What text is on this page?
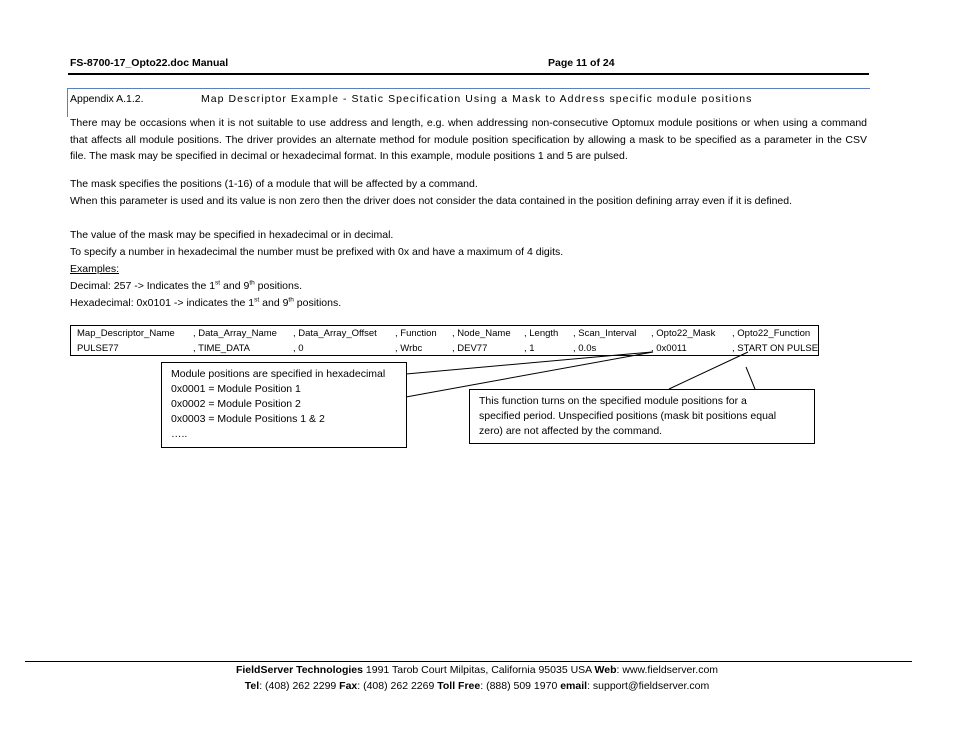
FS-8700-17_Opto22.doc Manual	Page 11 of 24
Appendix A.1.2.	Map Descriptor Example - Static Specification Using a Mask to Address specific module positions
There may be occasions when it is not suitable to use address and length, e.g. when addressing non-consecutive Optomux module positions or when using a command that affects all module positions. The driver provides an alternate method for module position specification by allowing a mask to be specified as a parameter in the CSV file. The mask may be specified in decimal or hexadecimal format. In this example, module positions 1 and 5 are pulsed.
The mask specifies the positions (1-16) of a module that will be affected by a command.
When this parameter is used and its value is non zero then the driver does not consider the data contained in the position defining array even if it is defined.
The value of the mask may be specified in hexadecimal or in decimal.
To specify a number in hexadecimal the number must be prefixed with 0x and have a maximum of 4 digits.
Examples:
Decimal: 257 -> Indicates the 1st and 9th positions.
Hexadecimal: 0x0101 -> indicates the 1st and 9th positions.
Map_Descriptor_Name , Data_Array_Name , Data_Array_Offset , Function , Node_Name , Length , Scan_Interval , Opto22_Mask , Opto22_Function
PULSE77	, TIME_DATA	, 0	, Wrbc	, DEV77	, 1	, 0.0s	, 0x0011	, START ON PULSE
Module positions are specified in hexadecimal
0x0001 = Module Position 1
0x0002 = Module Position 2
0x0003 = Module Positions 1 & 2
…..
This function turns on the specified module positions for a
specified period. Unspecified positions (mask bit positions equal
zero) are not affected by the command.
FieldServer Technologies 1991 Tarob Court Milpitas, California 95035 USA Web: www.fieldserver.com
Tel: (408) 262 2299 Fax: (408) 262 2269 Toll Free: (888) 509 1970 email: support@fieldserver.com
